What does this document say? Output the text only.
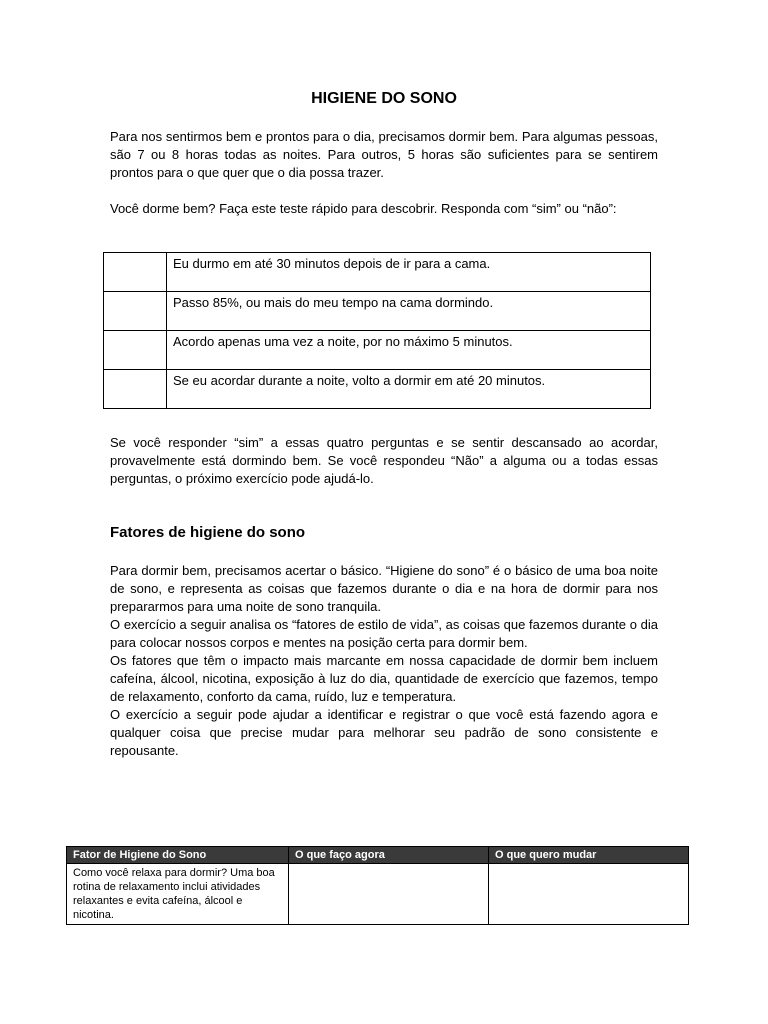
HIGIENE DO SONO

Para nos sentirmos bem e prontos para o dia, precisamos dormir bem. Para algumas pessoas, são 7 ou 8 horas todas as noites. Para outros, 5 horas são suficientes para se sentirem prontos para o que quer que o dia possa trazer.

Você dorme bem? Faça este teste rápido para descobrir. Responda com “sim” ou “não”:

	Eu durmo em até 30 minutos depois de ir para a cama.
	Passo 85%, ou mais do meu tempo na cama dormindo.
	Acordo apenas uma vez a noite, por no máximo 5 minutos.
	Se eu acordar durante a noite, volto a dormir em até 20 minutos.

Se você responder “sim” a essas quatro perguntas e se sentir descansado ao acordar, provavelmente está dormindo bem. Se você respondeu “Não” a alguma ou a todas essas perguntas, o próximo exercício pode ajudá-lo.

Fatores de higiene do sono

Para dormir bem, precisamos acertar o básico. “Higiene do sono” é o básico de uma boa noite de sono, e representa as coisas que fazemos durante o dia e na hora de dormir para nos prepararmos para uma noite de sono tranquila.

O exercício a seguir analisa os “fatores de estilo de vida”, as coisas que fazemos durante o dia para colocar nossos corpos e mentes na posição certa para dormir bem.

Os fatores que têm o impacto mais marcante em nossa capacidade de dormir bem incluem cafeína, álcool, nicotina, exposição à luz do dia, quantidade de exercício que fazemos, tempo de relaxamento, conforto da cama, ruído, luz e temperatura.

O exercício a seguir pode ajudar a identificar e registrar o que você está fazendo agora e qualquer coisa que precise mudar para melhorar seu padrão de sono consistente e repousante.

Fator de Higiene do Sono	O que faço agora	O que quero mudar
Como você relaxa para dormir? Uma boa rotina de relaxamento inclui atividades relaxantes e evita cafeína, álcool e nicotina.		
